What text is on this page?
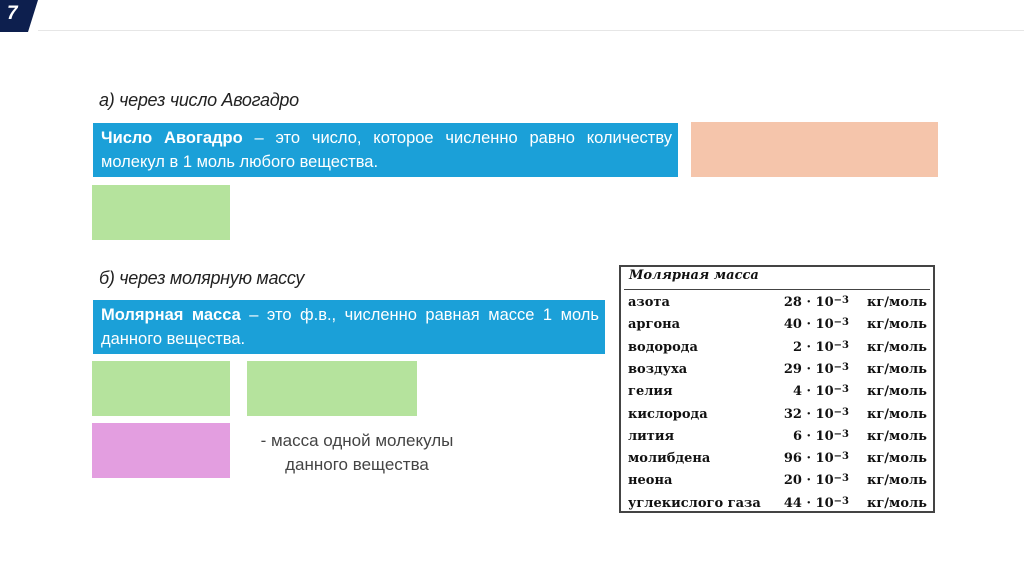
7
а) через число Авогадро
Число Авогадро – это число, которое численно равно количеству молекул в 1 моль любого вещества.
б) через молярную массу
Молярная масса – это ф.в., численно равная массе 1 моль данного вещества.
- масса одной молекулы
данного вещества
Молярная масса
азота	$28 \cdot 10^{-3}$ кг/моль
аргона	$40 \cdot 10^{-3}$ кг/моль
водорода	$2 \cdot 10^{-3}$ кг/моль
воздуха	$29 \cdot 10^{-3}$ кг/моль
гелия	$4 \cdot 10^{-3}$ кг/моль
кислорода	$32 \cdot 10^{-3}$ кг/моль
лития	$6 \cdot 10^{-3}$ кг/моль
молибдена	$96 \cdot 10^{-3}$ кг/моль
неона	$20 \cdot 10^{-3}$ кг/моль
углекислого газа $44 \cdot 10^{-3}$ кг/моль
